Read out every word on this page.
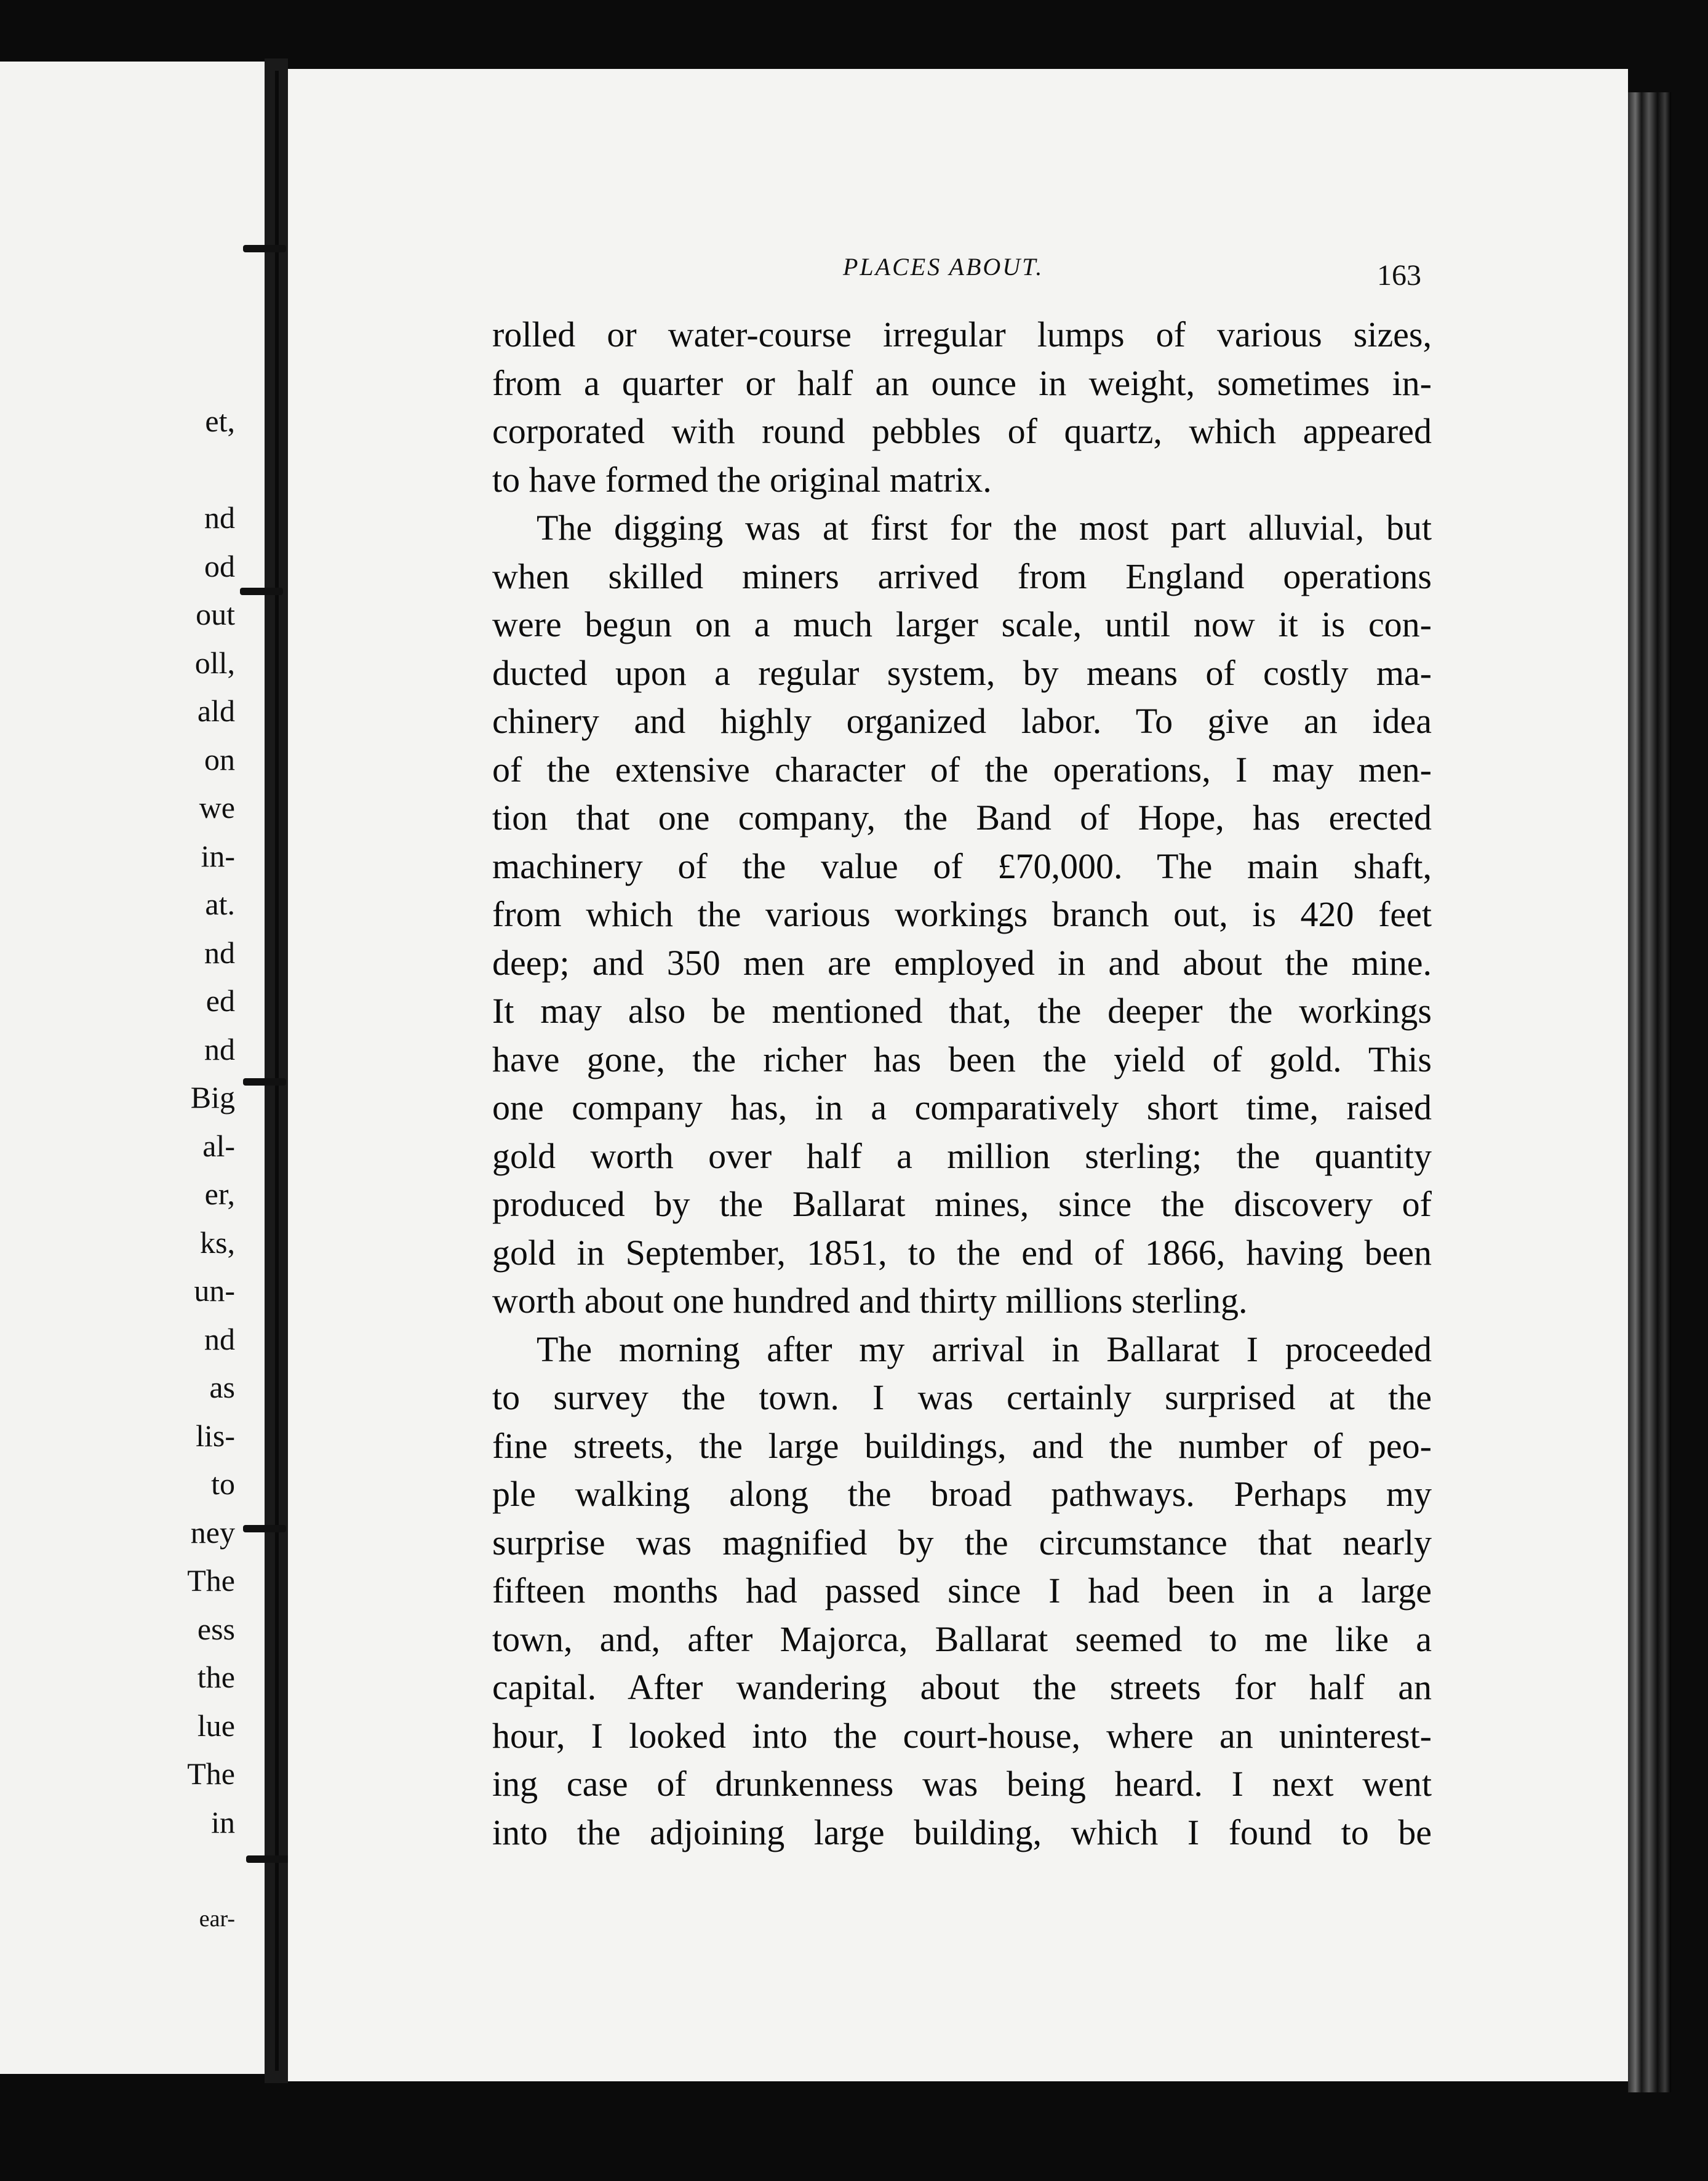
et,
nd
od
out
oll,
ald
on
we
in-
at.
nd
ed
nd
Big
al-
er,
ks,
un-
nd
as
lis-
to
ney
The
ess
the
lue
The
in
ear-
PLACES ABOUT.	163
rolled or water-course irregular lumps of various sizes,
from a quarter or half an ounce in weight, sometimes in-
corporated with round pebbles of quartz, which appeared
to have formed the original matrix.
The digging was at first for the most part alluvial, but
when skilled miners arrived from England operations
were begun on a much larger scale, until now it is con-
ducted upon a regular system, by means of costly ma-
chinery and highly organized labor. To give an idea
of the extensive character of the operations, I may men-
tion that one company, the Band of Hope, has erected
machinery of the value of £70,000. The main shaft,
from which the various workings branch out, is 420 feet
deep; and 350 men are employed in and about the mine.
It may also be mentioned that, the deeper the workings
have gone, the richer has been the yield of gold. This
one company has, in a comparatively short time, raised
gold worth over half a million sterling; the quantity
produced by the Ballarat mines, since the discovery of
gold in September, 1851, to the end of 1866, having been
worth about one hundred and thirty millions sterling.
The morning after my arrival in Ballarat I proceeded
to survey the town. I was certainly surprised at the
fine streets, the large buildings, and the number of peo-
ple walking along the broad pathways. Perhaps my
surprise was magnified by the circumstance that nearly
fifteen months had passed since I had been in a large
town, and, after Majorca, Ballarat seemed to me like a
capital. After wandering about the streets for half an
hour, I looked into the court-house, where an uninterest-
ing case of drunkenness was being heard. I next went
into the adjoining large building, which I found to be
